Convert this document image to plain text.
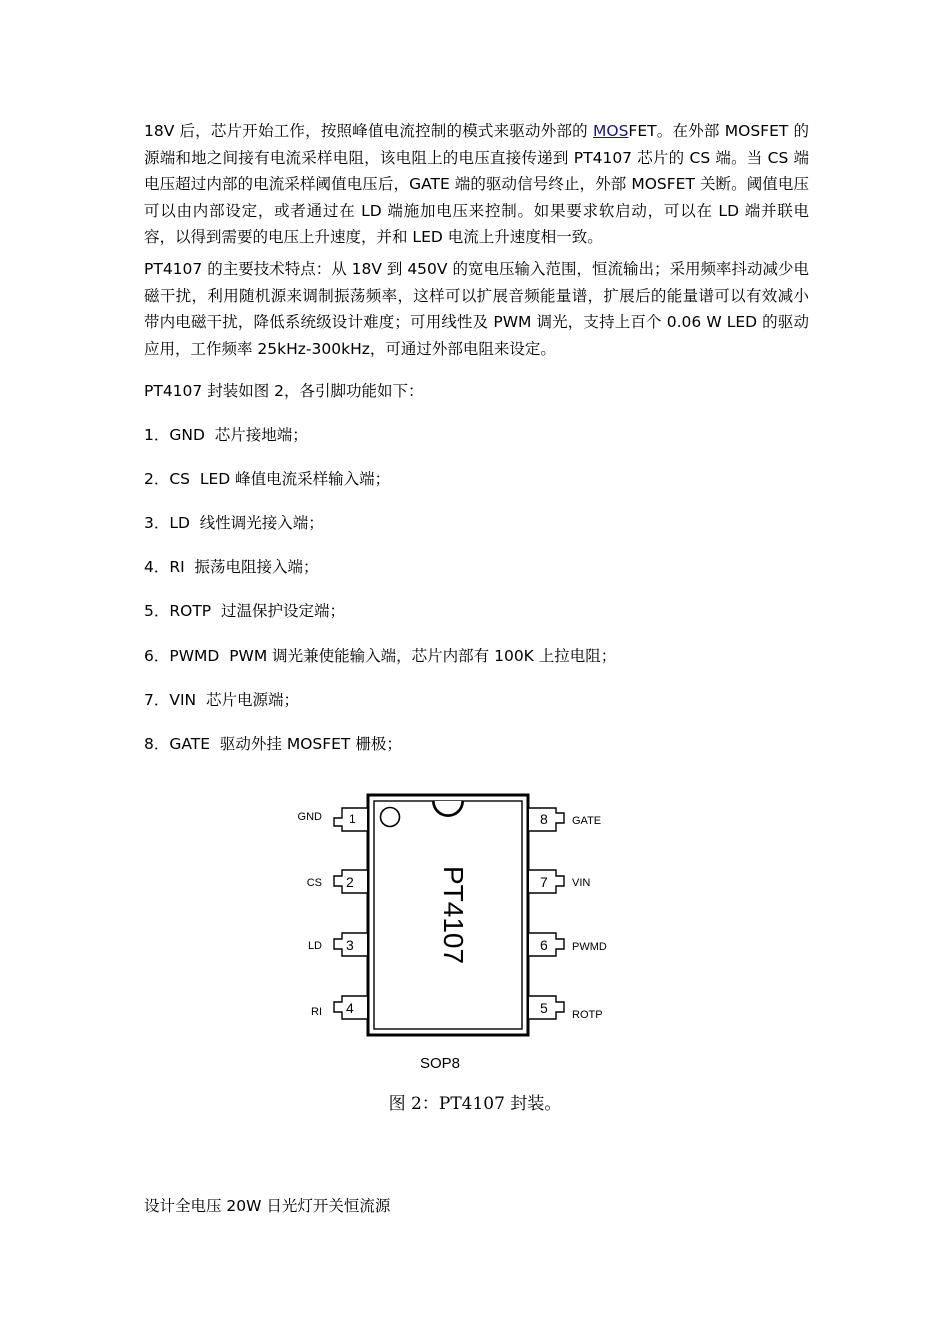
18V 后，芯片开始工作，按照峰值电流控制的模式来驱动外部的 MOSFET。在外部 MOSFET 的源端和地之间接有电流采样电阻，该电阻上的电压直接传递到 PT4107 芯片的 CS 端。当 CS 端电压超过内部的电流采样阈值电压后，GATE 端的驱动信号终止，外部 MOSFET 关断。阈值电压可以由内部设定，或者通过在 LD 端施加电压来控制。如果要求软启动，可以在 LD 端并联电容，以得到需要的电压上升速度，并和 LED 电流上升速度相一致。

PT4107 的主要技术特点：从 18V 到 450V 的宽电压输入范围，恒流输出；采用频率抖动减少电磁干扰，利用随机源来调制振荡频率，这样可以扩展音频能量谱，扩展后的能量谱可以有效减小带内电磁干扰，降低系统级设计难度；可用线性及 PWM 调光，支持上百个 0.06 W LED 的驱动应用，工作频率 25kHz-300kHz，可通过外部电阻来设定。

PT4107 封装如图 2，各引脚功能如下：

1．GND  芯片接地端；

2．CS  LED 峰值电流采样输入端；

3．LD  线性调光接入端；

4．RI  振荡电阻接入端；

5．ROTP  过温保护设定端；

6．PWMD  PWM 调光兼使能输入端，芯片内部有 100K 上拉电阻；

7．VIN  芯片电源端；

8．GATE  驱动外挂 MOSFET 栅极；

1
GND
2
CS
3
LD
4
RI
8 GATE
7 VIN
6 PWMD
5 ROTP
PT4107
SOP8
图 2：PT4107 封装。
设计全电压 20W 日光灯开关恒流源
